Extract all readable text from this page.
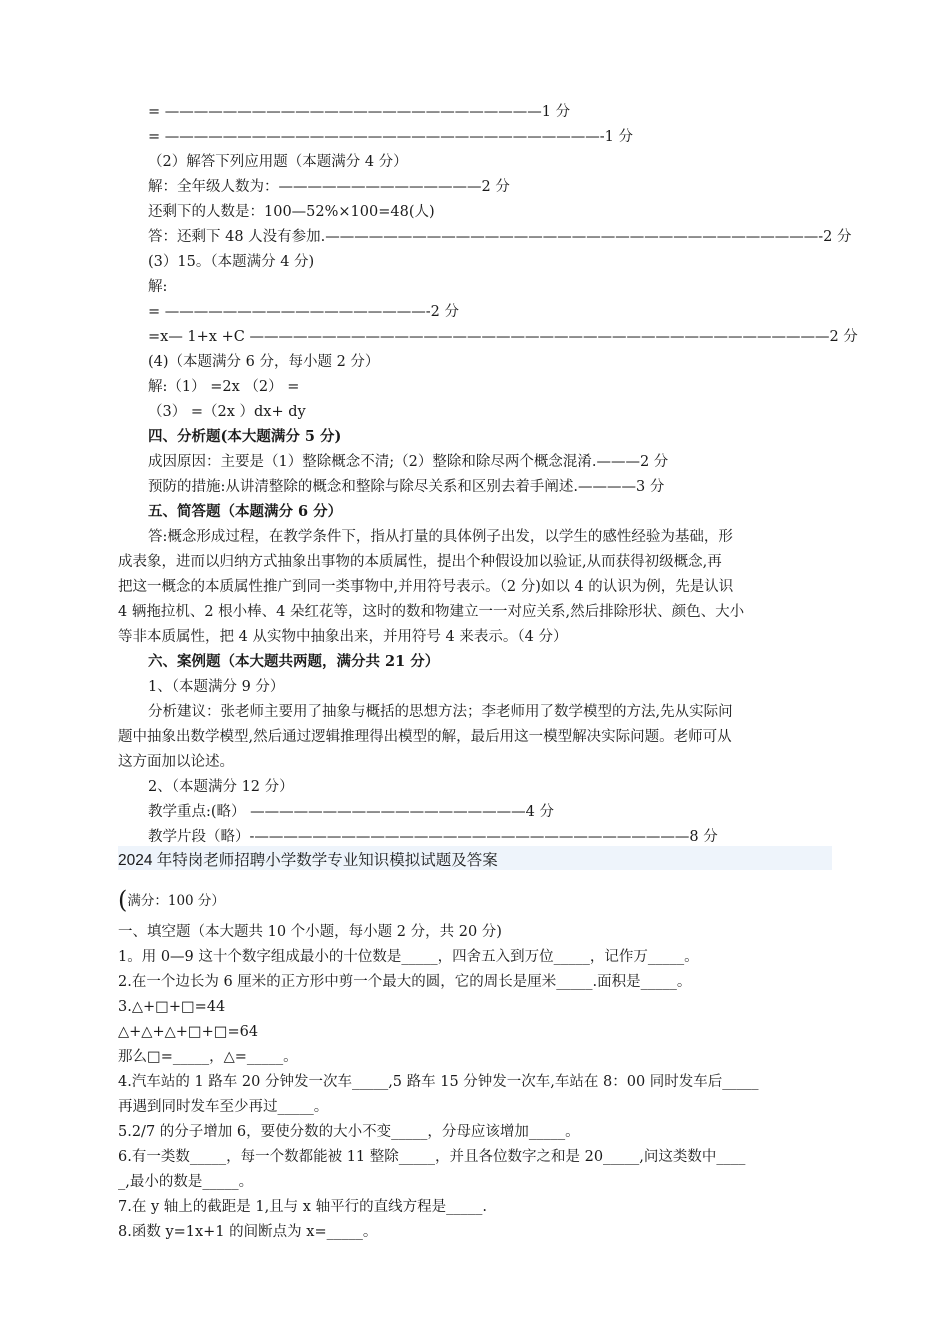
= ——————————————————————————1 分
= ——————————————————————————————-1 分
（2）解答下列应用题（本题满分 4 分）
解：全年级人数为：——————————————2 分
还剩下的人数是：100—52%×100=48(人)
答：还剩下 48 人没有参加.——————————————————————————————————-2 分
(3）15。（本题满分 4 分)
解:
= ——————————————————-2 分
=x— 1+x +C ————————————————————————————————————————2 分
(4)（本题满分 6 分，每小题 2 分）
解:（1） =2x （2） =
（3） =（2x ）dx+ dy
四、分析题(本大题满分 5 分)
成因原因：主要是（1）整除概念不清;（2）整除和除尽两个概念混淆.———2 分
预防的措施:从讲清整除的概念和整除与除尽关系和区别去着手阐述.————3 分
五、简答题（本题满分 6 分）
答:概念形成过程，在教学条件下，指从打量的具体例子出发，以学生的感性经验为基础，形
成表象，进而以归纳方式抽象出事物的本质属性，提出个种假设加以验证,从而获得初级概念,再
把这一概念的本质属性推广到同一类事物中,并用符号表示。（2 分)如以 4 的认识为例，先是认识
4 辆拖拉机、2 根小棒、4 朵红花等，这时的数和物建立一一对应关系,然后排除形状、颜色、大小
等非本质属性，把 4 从实物中抽象出来，并用符号 4 来表示。（4 分）
六、案例题（本大题共两题，满分共 21 分）
1、（本题满分 9 分）
分析建议：张老师主要用了抽象与概括的思想方法；李老师用了数学模型的方法,先从实际问
题中抽象出数学模型,然后通过逻辑推理得出模型的解，最后用这一模型解决实际问题。老师可从
这方面加以论述。
2、（本题满分 12 分）
教学重点:(略） ———————————————————4 分
教学片段（略）-——————————————————————————————8 分
2024 年特岗老师招聘小学数学专业知识模拟试题及答案
(满分：100 分）
一、填空题（本大题共 10 个小题，每小题 2 分，共 20 分)
1。用 0—9 这十个数字组成最小的十位数是_____，四舍五入到万位_____，记作万_____。
2.在一个边长为 6 厘米的正方形中剪一个最大的圆，它的周长是厘米_____.面积是_____。
3.△+□+□=44
△+△+△+□+□=64
那么□=_____，△=_____。
4.汽车站的 1 路车 20 分钟发一次车_____,5 路车 15 分钟发一次车,车站在 8：00 同时发车后_____
再遇到同时发车至少再过_____。
5.2/7 的分子增加 6，要使分数的大小不变_____，分母应该增加_____。
6.有一类数_____，每一个数都能被 11 整除_____，并且各位数字之和是 20_____,问这类数中____
_,最小的数是_____。
7.在 y 轴上的截距是 1,且与 x 轴平行的直线方程是_____.
8.函数 y=1x+1 的间断点为 x=_____。
